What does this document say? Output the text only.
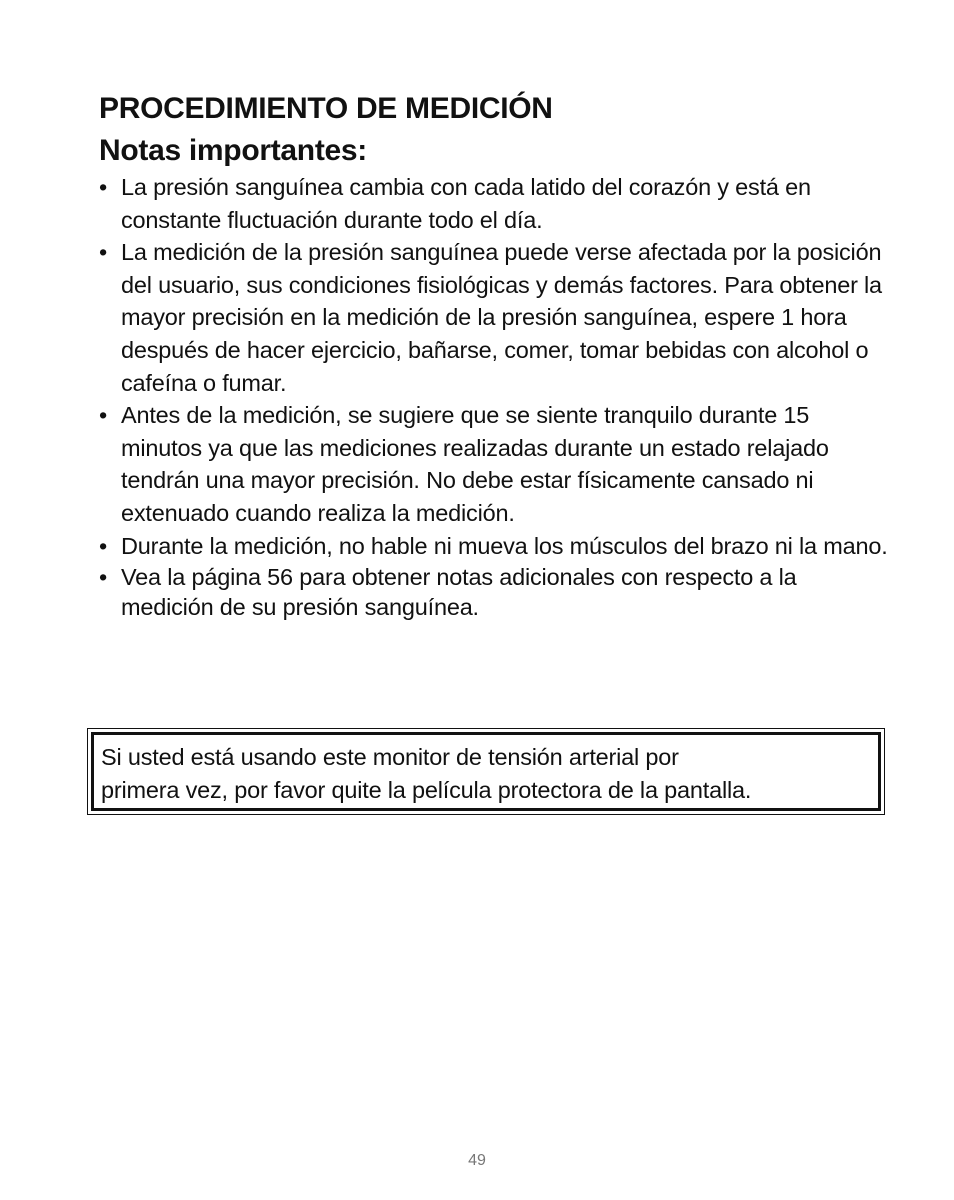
PROCEDIMIENTO DE MEDICIÓN
Notas importantes:
• La presión sanguínea cambia con cada latido del corazón y está en constante fluctuación durante todo el día.
• La medición de la presión sanguínea puede verse afectada por la posición del usuario, sus condiciones fisiológicas y demás factores. Para obtener la mayor precisión en la medición de la presión sanguínea, espere 1 hora después de hacer ejercicio, bañarse, comer, tomar bebidas con alcohol o cafeína o fumar.
• Antes de la medición, se sugiere que se siente tranquilo durante 15 minutos ya que las mediciones realizadas durante un estado relajado tendrán una mayor precisión. No debe estar físicamente cansado ni extenuado cuando realiza la medición.
• Durante la medición, no hable ni mueva los músculos del brazo ni la mano.
• Vea la página 56 para obtener notas adicionales con respecto a la medición de su presión sanguínea.
Si usted está usando este monitor de tensión arterial por
primera vez, por favor quite la película protectora de la pantalla.
49
